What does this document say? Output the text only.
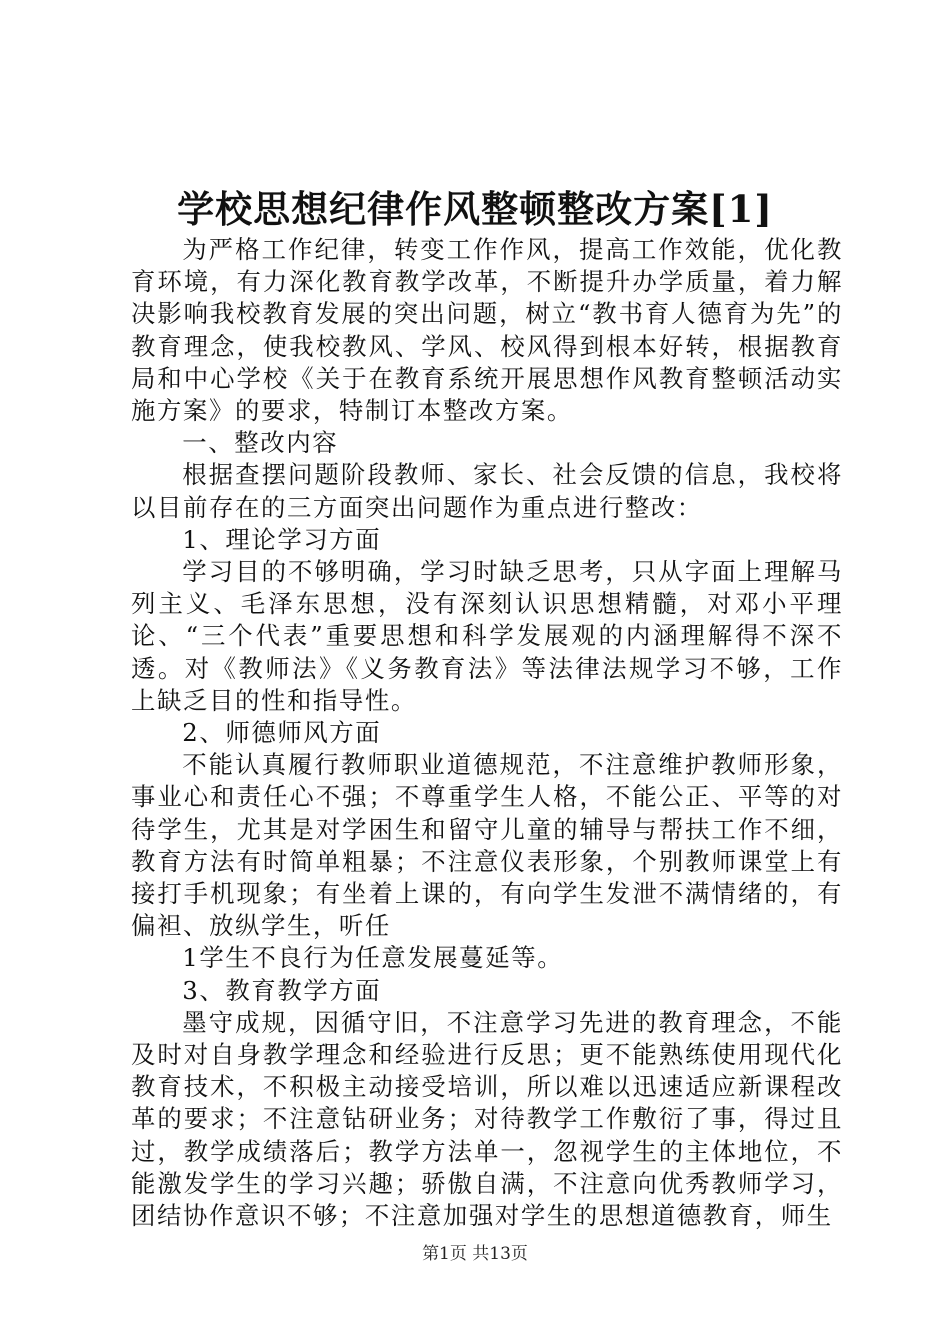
学校思想纪律作风整顿整改方案[1]

为严格工作纪律，转变工作作风，提高工作效能，优化教育环境，有力深化教育教学改革，不断提升办学质量，着力解决影响我校教育发展的突出问题，树立“教书育人德育为先”的教育理念，使我校教风、学风、校风得到根本好转，根据教育局和中心学校《关于在教育系统开展思想作风教育整顿活动实施方案》的要求，特制订本整改方案。

一、整改内容

根据查摆问题阶段教师、家长、社会反馈的信息，我校将以目前存在的三方面突出问题作为重点进行整改：

1、理论学习方面

学习目的不够明确，学习时缺乏思考，只从字面上理解马列主义、毛泽东思想，没有深刻认识思想精髓，对邓小平理论、“三个代表”重要思想和科学发展观的内涵理解得不深不透。对《教师法》《义务教育法》等法律法规学习不够，工作上缺乏目的性和指导性。

2、师德师风方面

不能认真履行教师职业道德规范，不注意维护教师形象，事业心和责任心不强；不尊重学生人格，不能公正、平等的对待学生，尤其是对学困生和留守儿童的辅导与帮扶工作不细，教育方法有时简单粗暴；不注意仪表形象，个别教师课堂上有接打手机现象；有坐着上课的，有向学生发泄不满情绪的，有偏袒、放纵学生，听任

1学生不良行为任意发展蔓延等。

3、教育教学方面

墨守成规，因循守旧，不注意学习先进的教育理念，不能及时对自身教学理念和经验进行反思；更不能熟练使用现代化教育技术，不积极主动接受培训，所以难以迅速适应新课程改革的要求；不注意钻研业务；对待教学工作敷衍了事，得过且过，教学成绩落后；教学方法单一，忽视学生的主体地位，不能激发学生的学习兴趣；骄傲自满，不注意向优秀教师学习，团结协作意识不够；不注意加强对学生的思想道德教育，师生

第1页 共13页
